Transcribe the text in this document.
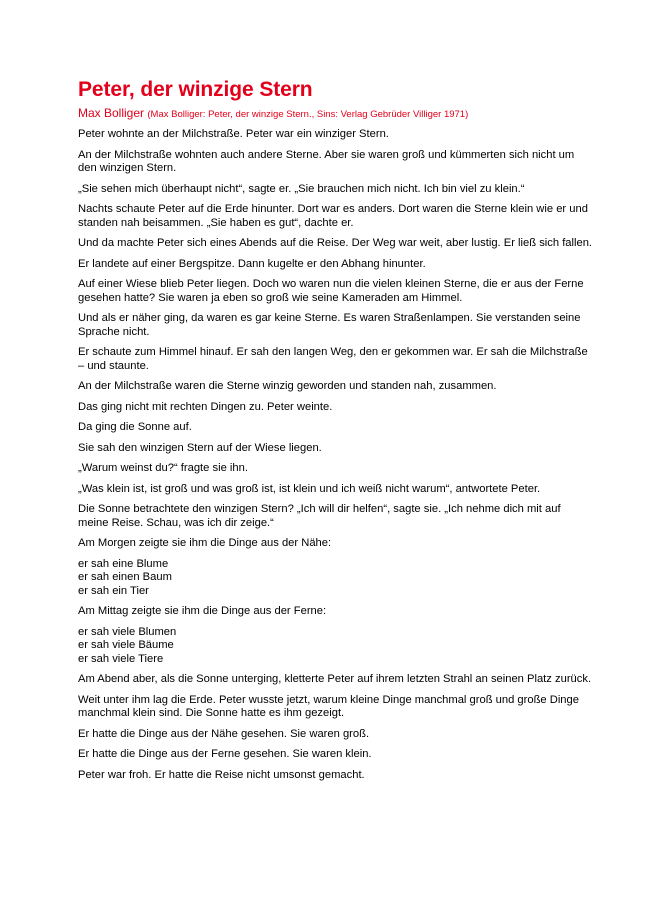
Peter, der winzige Stern

Max Bolliger (Max Bolliger: Peter, der winzige Stern., Sins: Verlag Gebrüder Villiger 1971)

Peter wohnte an der Milchstraße. Peter war ein winziger Stern.

An der Milchstraße wohnten auch andere Sterne. Aber sie waren groß und kümmerten sich nicht um den winzigen Stern.

„Sie sehen mich überhaupt nicht“, sagte er. „Sie brauchen mich nicht. Ich bin viel zu klein.“

Nachts schaute Peter auf die Erde hinunter. Dort war es anders. Dort waren die Sterne klein wie er und standen nah beisammen. „Sie haben es gut“, dachte er.

Und da machte Peter sich eines Abends auf die Reise. Der Weg war weit, aber lustig. Er ließ sich fallen.

Er landete auf einer Bergspitze. Dann kugelte er den Abhang hinunter.

Auf einer Wiese blieb Peter liegen. Doch wo waren nun die vielen kleinen Sterne, die er aus der Ferne gesehen hatte? Sie waren ja eben so groß wie seine Kameraden am Himmel.

Und als er näher ging, da waren es gar keine Sterne. Es waren Straßenlampen. Sie verstanden seine Sprache nicht.

Er schaute zum Himmel hinauf. Er sah den langen Weg, den er gekommen war. Er sah die Milchstraße – und staunte.

An der Milchstraße waren die Sterne winzig geworden und standen nah, zusammen.

Das ging nicht mit rechten Dingen zu. Peter weinte.

Da ging die Sonne auf.

Sie sah den winzigen Stern auf der Wiese liegen.

„Warum weinst du?“ fragte sie ihn.

„Was klein ist, ist groß und was groß ist, ist klein und ich weiß nicht warum“, antwortete Peter.

Die Sonne betrachtete den winzigen Stern? „Ich will dir helfen“, sagte sie. „Ich nehme dich mit auf meine Reise. Schau, was ich dir zeige.“

Am Morgen zeigte sie ihm die Dinge aus der Nähe:

er sah eine Blume
er sah einen Baum
er sah ein Tier

Am Mittag zeigte sie ihm die Dinge aus der Ferne:

er sah viele Blumen
er sah viele Bäume
er sah viele Tiere

Am Abend aber, als die Sonne unterging, kletterte Peter auf ihrem letzten Strahl an seinen Platz zurück.

Weit unter ihm lag die Erde. Peter wusste jetzt, warum kleine Dinge manchmal groß und große Dinge manchmal klein sind. Die Sonne hatte es ihm gezeigt.

Er hatte die Dinge aus der Nähe gesehen. Sie waren groß.

Er hatte die Dinge aus der Ferne gesehen. Sie waren klein.

Peter war froh. Er hatte die Reise nicht umsonst gemacht.
